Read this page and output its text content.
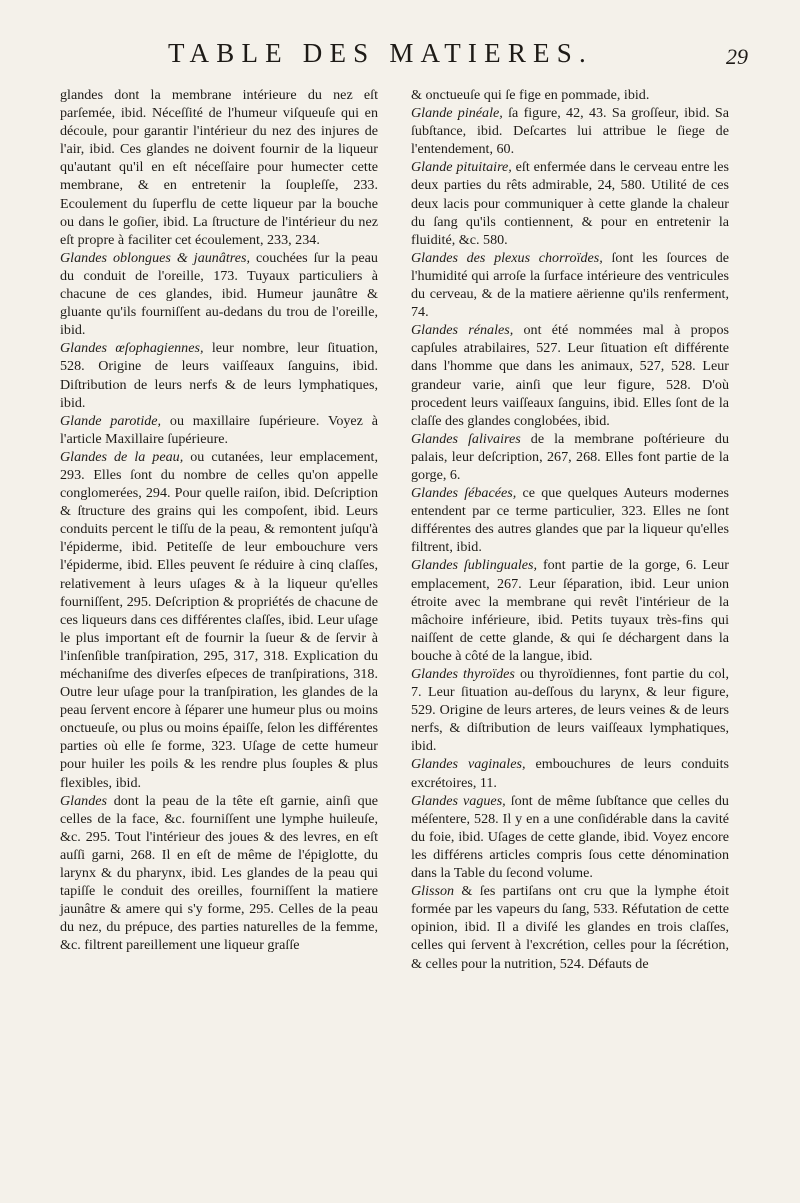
TABLE DES MATIERES.	29

glandes dont la membrane intérieure du nez eſt parſemée, ibid. Néceſſité de l'humeur viſqueuſe qui en découle, pour garantir l'intérieur du nez des injures de l'air, ibid. Ces glandes ne doivent fournir de la liqueur qu'autant qu'il en eſt néceſſaire pour humecter cette membrane, & en entretenir la ſoupleſſe, 233. Ecoulement du ſuperflu de cette liqueur par la bouche ou dans le goſier, ibid. La ſtructure de l'intérieur du nez eſt propre à faciliter cet écoulement, 233, 234.

Glandes oblongues & jaunâtres, couchées ſur la peau du conduit de l'oreille, 173. Tuyaux particuliers à chacune de ces glandes, ibid. Humeur jaunâtre & gluante qu'ils fourniſſent au-dedans du trou de l'oreille, ibid.

Glandes œſophagiennes, leur nombre, leur ſituation, 528. Origine de leurs vaiſſeaux ſanguins, ibid. Diſtribution de leurs nerfs & de leurs lymphatiques, ibid.

Glande parotide, ou maxillaire ſupérieure. Voyez à l'article Maxillaire ſupérieure.

Glandes de la peau, ou cutanées, leur emplacement, 293. Elles ſont du nombre de celles qu'on appelle conglomerées, 294. Pour quelle raiſon, ibid. Deſcription & ſtructure des grains qui les compoſent, ibid. Leurs conduits percent le tiſſu de la peau, & remontent juſqu'à l'épiderme, ibid. Petiteſſe de leur embouchure vers l'épiderme, ibid. Elles peuvent ſe réduire à cinq claſſes, relativement à leurs uſages & à la liqueur qu'elles fourniſſent, 295. Deſcription & propriétés de chacune de ces liqueurs dans ces différentes claſſes, ibid. Leur uſage le plus important eſt de fournir la ſueur & de ſervir à l'inſenſible tranſpiration, 295, 317, 318. Explication du méchaniſme des diverſes eſpeces de tranſpirations, 318. Outre leur uſage pour la tranſpiration, les glandes de la peau ſervent encore à ſéparer une humeur plus ou moins onctueuſe, ou plus ou moins épaiſſe, ſelon les différentes parties où elle ſe forme, 323. Uſage de cette humeur pour huiler les poils & les rendre plus ſouples & plus flexibles, ibid.

Glandes dont la peau de la tête eſt garnie, ainſi que celles de la face, &c. fourniſſent une lymphe huileuſe, &c. 295. Tout l'intérieur des joues & des levres, en eſt auſſi garni, 268. Il en eſt de même de l'épiglotte, du larynx & du pharynx, ibid. Les glandes de la peau qui tapiſſe le conduit des oreilles, fourniſſent la matiere jaunâtre & amere qui s'y forme, 295. Celles de la peau du nez, du prépuce, des parties naturelles de la femme, &c. filtrent pareillement une liqueur graſſe

& onctueuſe qui ſe fige en pommade, ibid.

Glande pinéale, ſa figure, 42, 43. Sa groſſeur, ibid. Sa ſubſtance, ibid. Deſcartes lui attribue le ſiege de l'entendement, 60.

Glande pituitaire, eſt enfermée dans le cerveau entre les deux parties du rêts admirable, 24, 580. Utilité de ces deux lacis pour communiquer à cette glande la chaleur du ſang qu'ils contiennent, & pour en entretenir la fluidité, &c. 580.

Glandes des plexus chorroïdes, ſont les ſources de l'humidité qui arroſe la ſurface intérieure des ventricules du cerveau, & de la matiere aërienne qu'ils renferment, 74.

Glandes rénales, ont été nommées mal à propos capſules atrabilaires, 527. Leur ſituation eſt différente dans l'homme que dans les animaux, 527, 528. Leur grandeur varie, ainſi que leur figure, 528. D'où procedent leurs vaiſſeaux ſanguins, ibid. Elles ſont de la claſſe des glandes conglobées, ibid.

Glandes ſalivaires de la membrane poſtérieure du palais, leur deſcription, 267, 268. Elles font partie de la gorge, 6.

Glandes ſébacées, ce que quelques Auteurs modernes entendent par ce terme particulier, 323. Elles ne ſont différentes des autres glandes que par la liqueur qu'elles filtrent, ibid.

Glandes ſublinguales, font partie de la gorge, 6. Leur emplacement, 267. Leur ſéparation, ibid. Leur union étroite avec la membrane qui revêt l'intérieur de la mâchoire inférieure, ibid. Petits tuyaux très-fins qui naiſſent de cette glande, & qui ſe déchargent dans la bouche à côté de la langue, ibid.

Glandes thyroïdes ou thyroïdiennes, font partie du col, 7. Leur ſituation au-deſſous du larynx, & leur figure, 529. Origine de leurs arteres, de leurs veines & de leurs nerfs, & diſtribution de leurs vaiſſeaux lymphatiques, ibid.

Glandes vaginales, embouchures de leurs conduits excrétoires, 11.

Glandes vagues, ſont de même ſubſtance que celles du méſentere, 528. Il y en a une conſidérable dans la cavité du foie, ibid. Uſages de cette glande, ibid. Voyez encore les différens articles compris ſous cette dénomination dans la Table du ſecond volume.

Glisson & ſes partiſans ont cru que la lymphe étoit formée par les vapeurs du ſang, 533. Réfutation de cette opinion, ibid. Il a diviſé les glandes en trois claſſes, celles qui ſervent à l'excrétion, celles pour la ſécrétion, & celles pour la nutrition, 524. Défauts de
